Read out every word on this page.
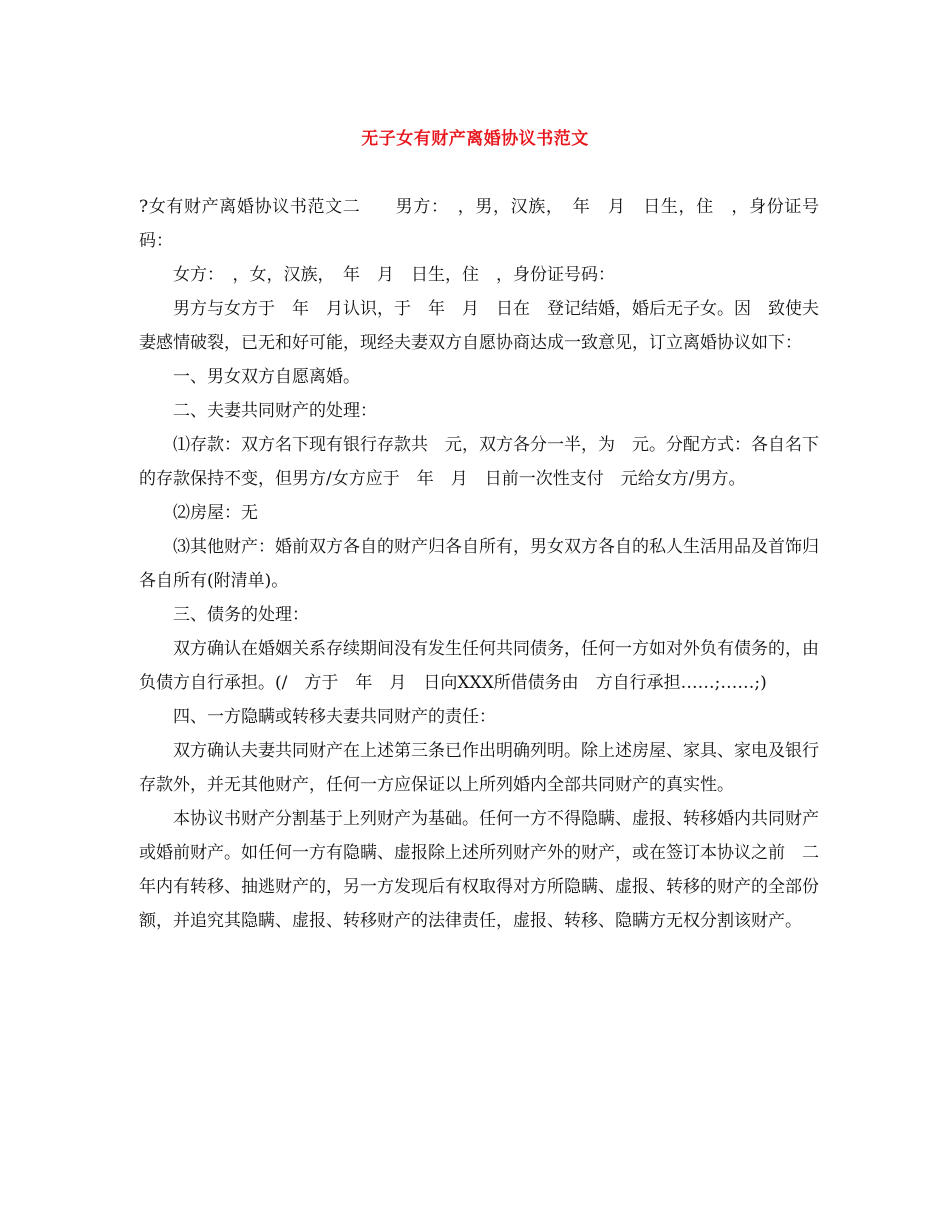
无子女有财产离婚协议书范文

?女有财产离婚协议书范文二　　男方：　，男，汉族，　年　月　日生，住　，身份证号码：

女方：　，女，汉族，　年　月　日生，住　，身份证号码：

男方与女方于　年　月认识，于　年　月　日在　登记结婚，婚后无子女。因　致使夫妻感情破裂，已无和好可能，现经夫妻双方自愿协商达成一致意见，订立离婚协议如下：

一、男女双方自愿离婚。

二、夫妻共同财产的处理：

⑴存款：双方名下现有银行存款共　元，双方各分一半，为　元。分配方式：各自名下的存款保持不变，但男方/女方应于　年　月　日前一次性支付　元给女方/男方。

⑵房屋：无

⑶其他财产：婚前双方各自的财产归各自所有，男女双方各自的私人生活用品及首饰归各自所有(附清单)。

三、债务的处理：

双方确认在婚姻关系存续期间没有发生任何共同债务，任何一方如对外负有债务的，由负债方自行承担。(/　方于　年　月　日向XXX所借债务由　方自行承担……;……;)

四、一方隐瞒或转移夫妻共同财产的责任：

双方确认夫妻共同财产在上述第三条已作出明确列明。除上述房屋、家具、家电及银行存款外，并无其他财产，任何一方应保证以上所列婚内全部共同财产的真实性。

本协议书财产分割基于上列财产为基础。任何一方不得隐瞒、虚报、转移婚内共同财产或婚前财产。如任何一方有隐瞒、虚报除上述所列财产外的财产，或在签订本协议之前　二年内有转移、抽逃财产的，另一方发现后有权取得对方所隐瞒、虚报、转移的财产的全部份额，并追究其隐瞒、虚报、转移财产的法律责任，虚报、转移、隐瞒方无权分割该财产。
